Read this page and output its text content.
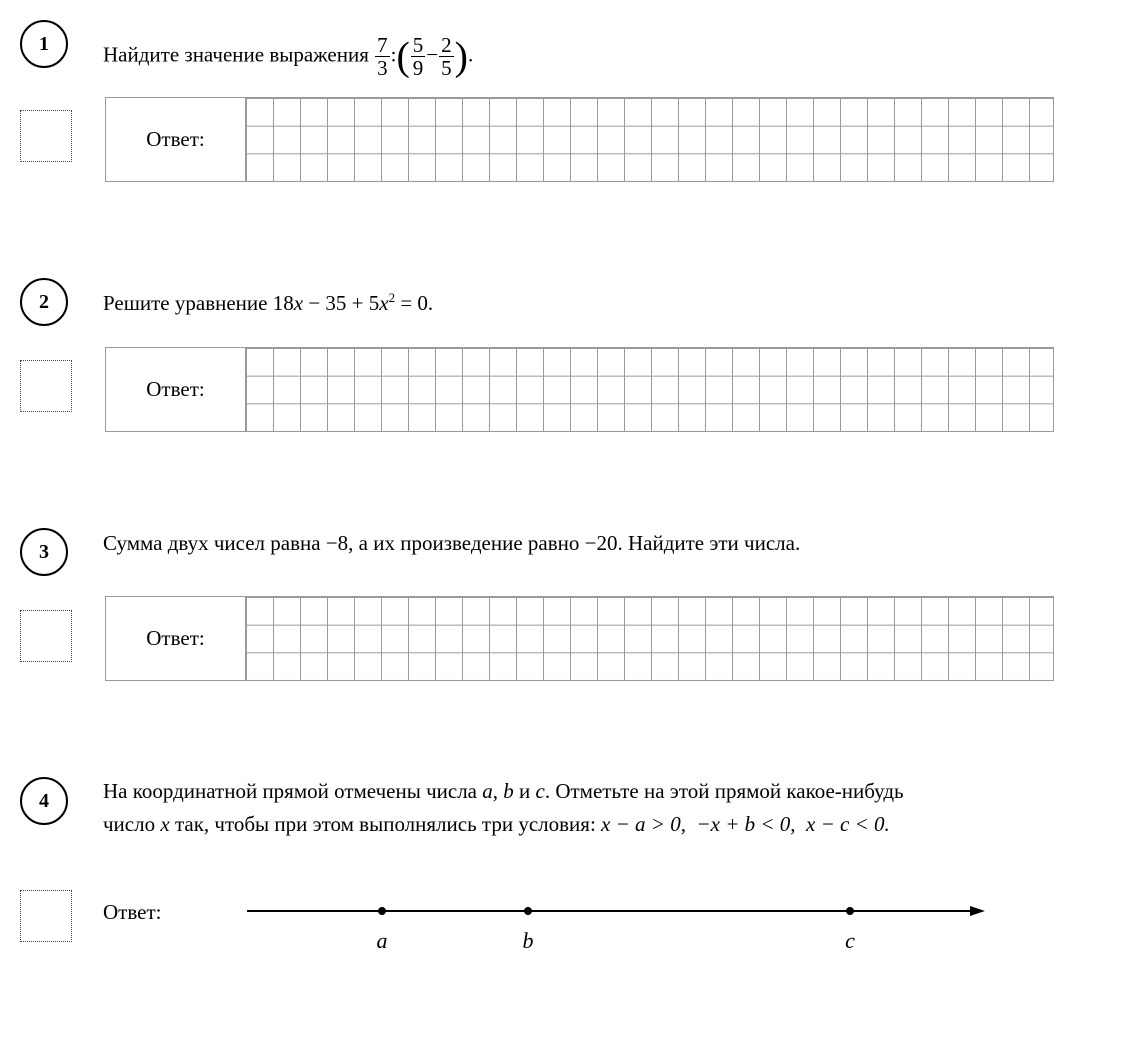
1	Найдите значение выражения $\frac{7}{3}$ :( $\frac{5}{9} - \frac{2}{5}$ ).
Ответ:
2	Решите уравнение $18x - 35 + 5x^2 = 0$.
Ответ:
3	Сумма двух чисел равна −8, а их произведение равно −20. Найдите эти числа.
Ответ:
4	На координатной прямой отмечены числа a, b и c. Отметьте на этой прямой какое-нибудь
число x так, чтобы при этом выполнялись три условия: x − a > 0, −x + b < 0, x − c < 0.
Ответ:
a	b	c
